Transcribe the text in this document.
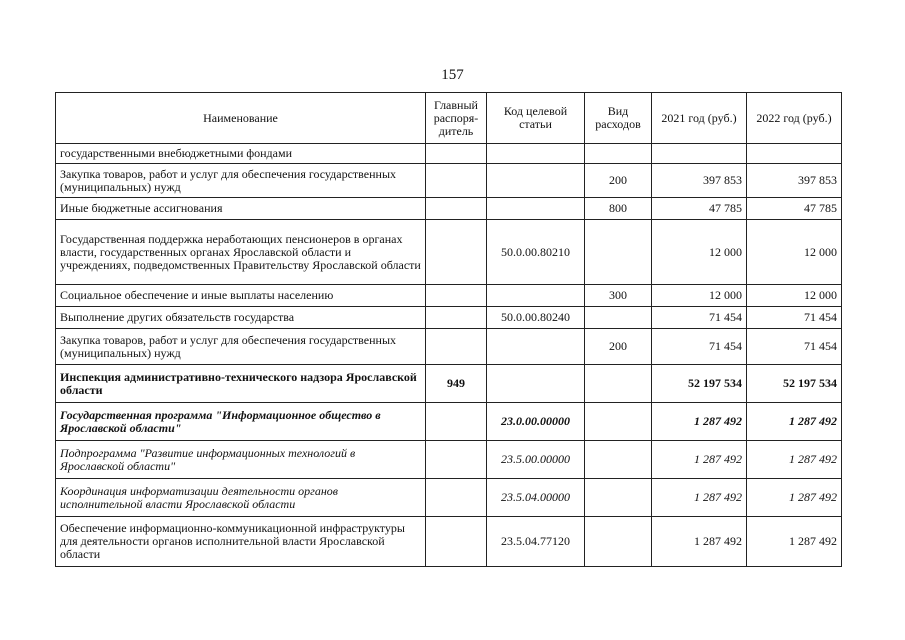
157
Наименование	Главный распоря-дитель	Код целевой статьи	Вид расходов	2021 год (руб.)	2022 год (руб.)
государственными внебюджетными фондами					
Закупка товаров, работ и услуг для обеспечения государственных (муниципальных) нужд			200	397 853	397 853
Иные бюджетные ассигнования			800	47 785	47 785
Государственная поддержка неработающих пенсионеров в органах власти, государственных органах Ярославской области и учреждениях, подведомственных Правительству Ярославской области		50.0.00.80210		12 000	12 000
Социальное обеспечение и иные выплаты населению			300	12 000	12 000
Выполнение других обязательств государства		50.0.00.80240		71 454	71 454
Закупка товаров, работ и услуг для обеспечения государственных (муниципальных) нужд			200	71 454	71 454
Инспекция административно-технического надзора Ярославской области	949			52 197 534	52 197 534
Государственная программа "Информационное общество в Ярославской области"		23.0.00.00000		1 287 492	1 287 492
Подпрограмма "Развитие информационных технологий в Ярославской области"		23.5.00.00000		1 287 492	1 287 492
Координация информатизации деятельности органов исполнительной власти Ярославской области		23.5.04.00000		1 287 492	1 287 492
Обеспечение информационно-коммуникационной инфраструктуры для деятельности органов исполнительной власти Ярославской области		23.5.04.77120		1 287 492	1 287 492
